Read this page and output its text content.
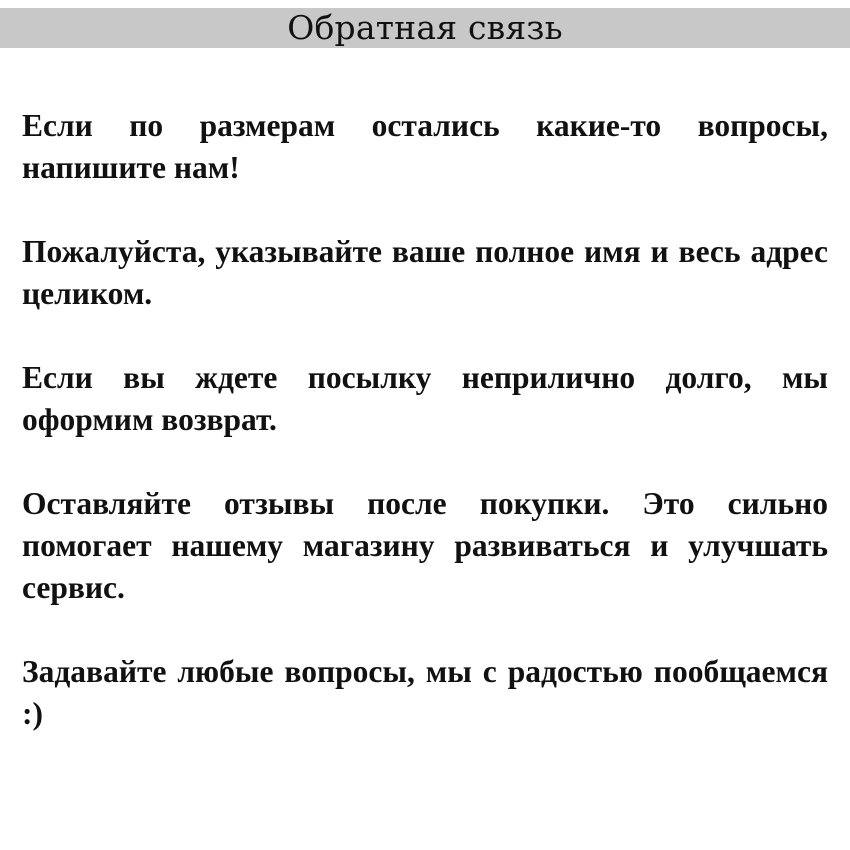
Обратная связь

Если по размерам остались какие-то вопросы, напишите нам!

Пожалуйста, указывайте ваше полное имя и весь адрес целиком.

Если вы ждете посылку неприлично долго, мы оформим возврат.

Оставляйте отзывы после покупки. Это сильно помогает нашему магазину развиваться и улучшать сервис.

Задавайте любые вопросы, мы с радостью пообщаемся :)
